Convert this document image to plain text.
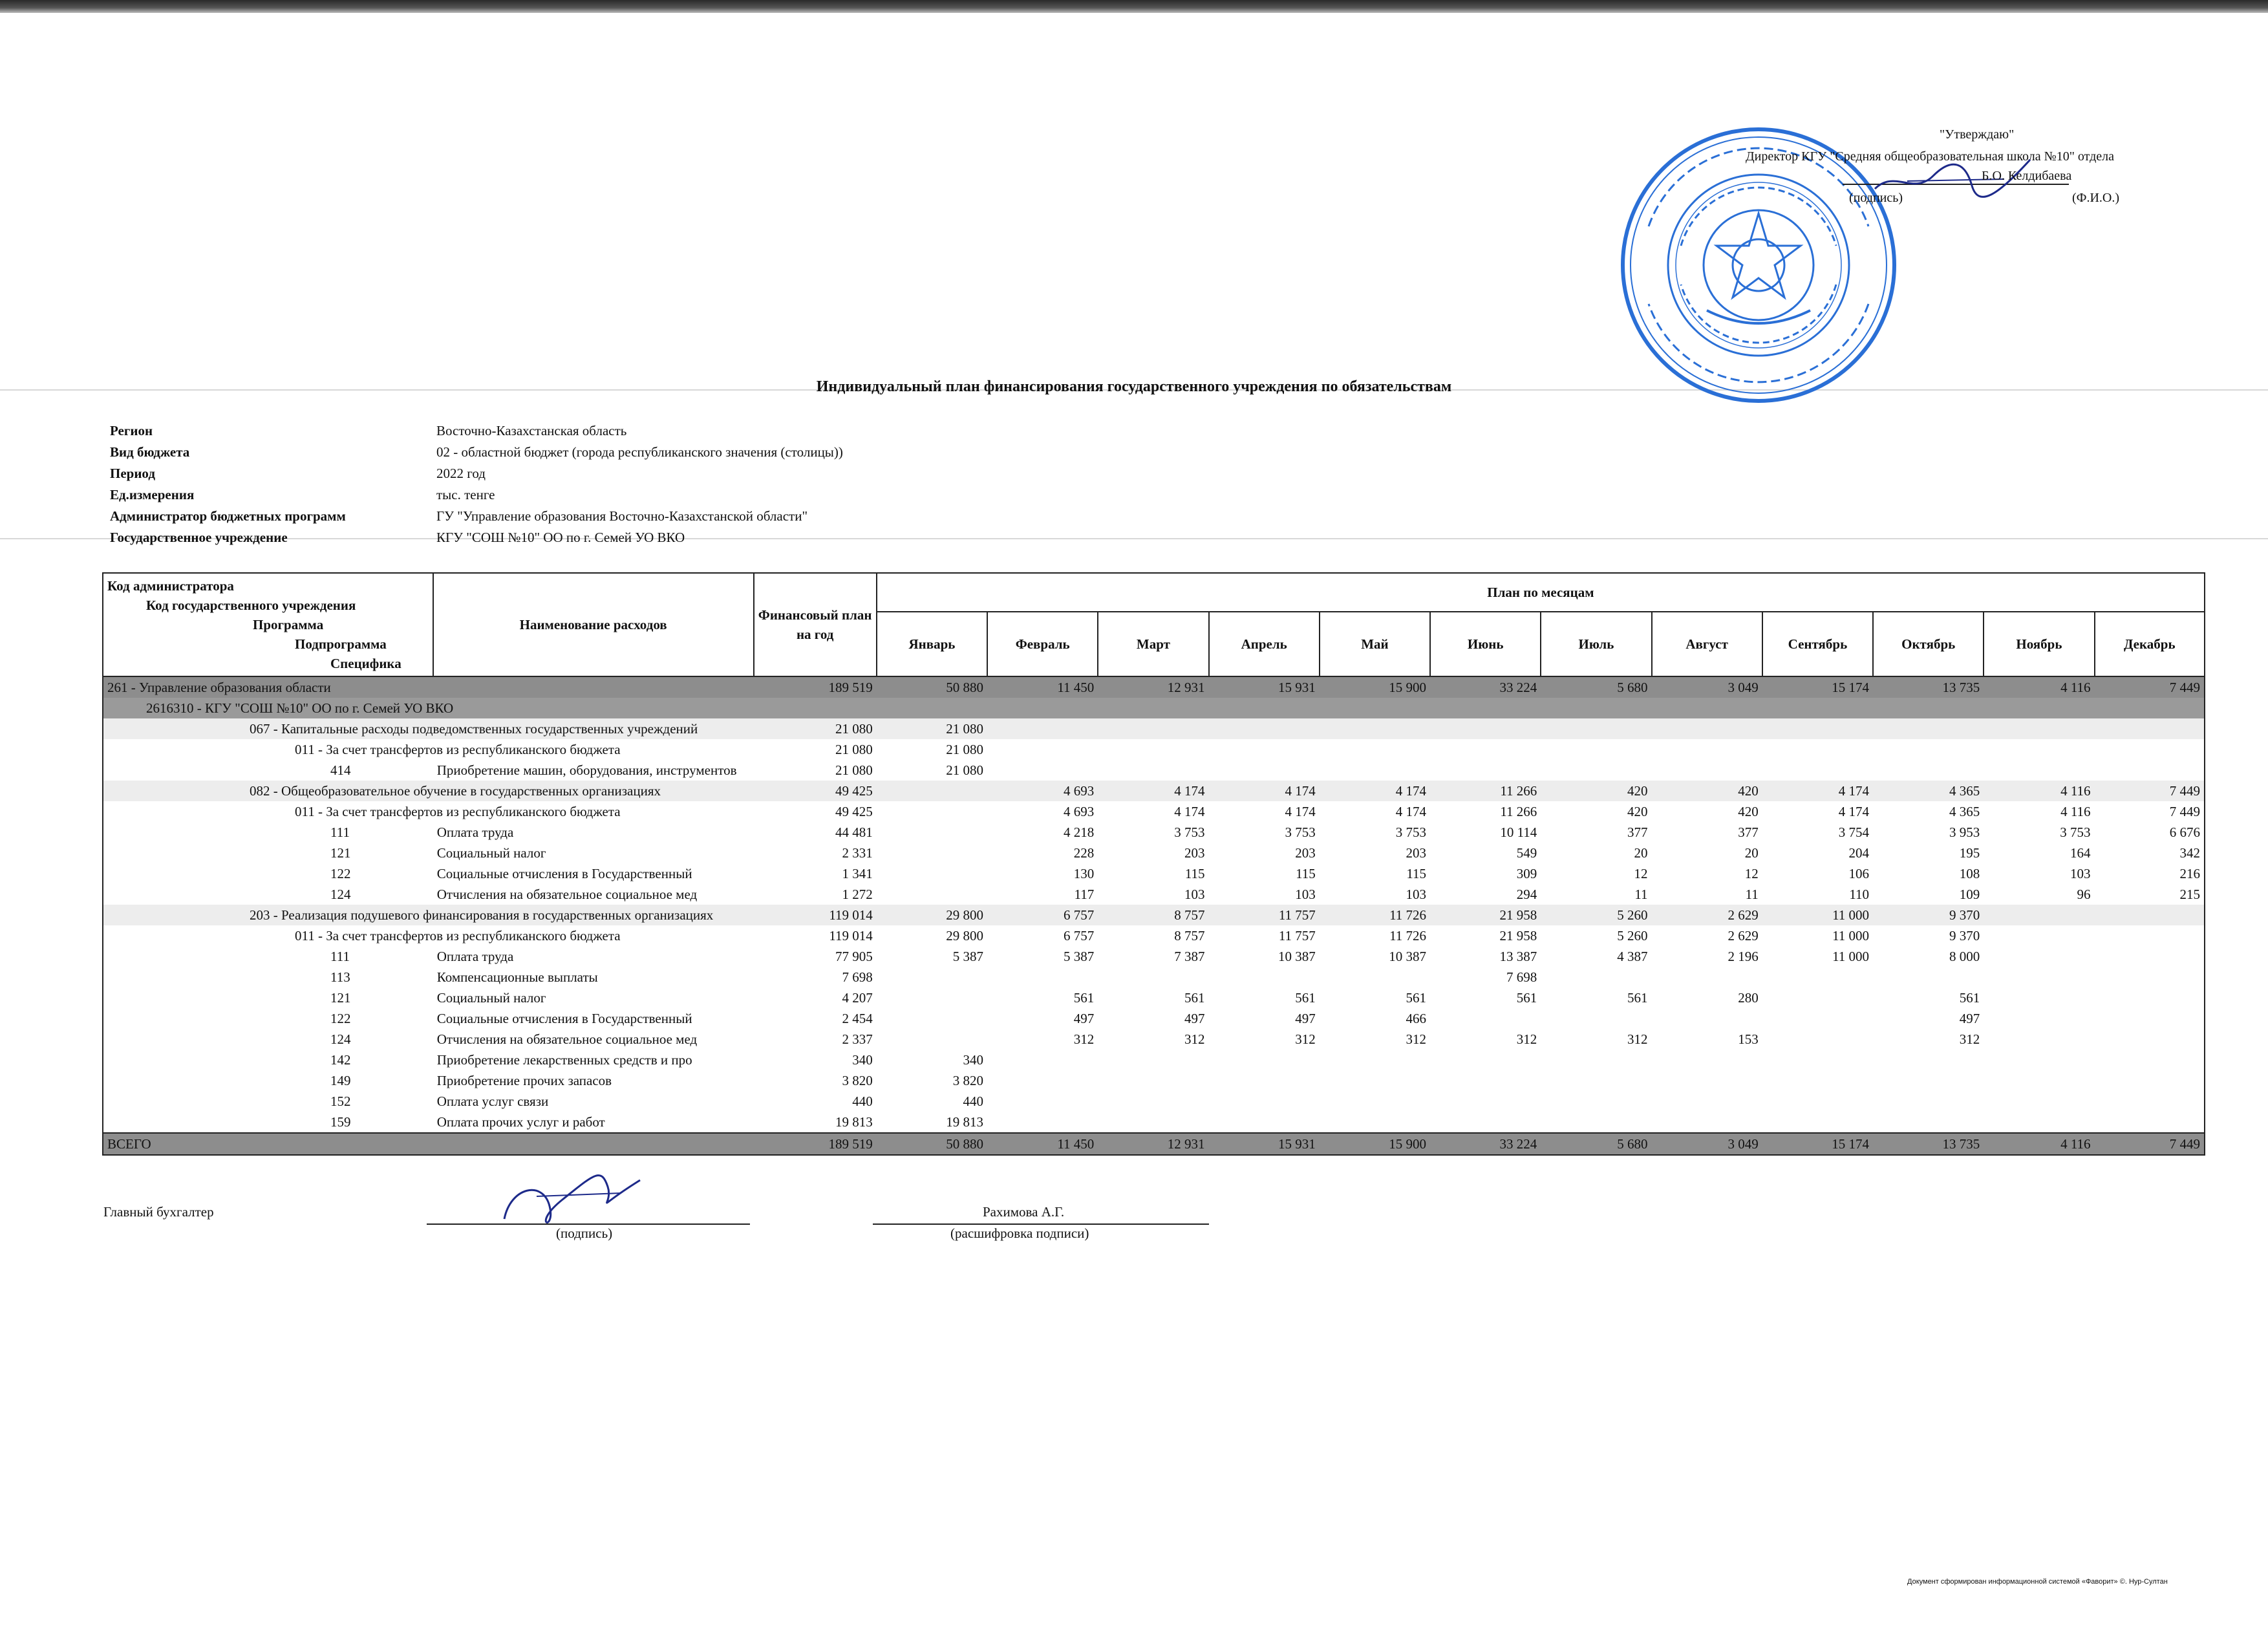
"Утверждаю"
Директор КГУ "Средняя общеобразовательная школа №10" отдела
Б.О. Келдибаева
(подпись)	(Ф.И.О.)
Индивидуальный план финансирования государственного учреждения по обязательствам
Регион	Восточно-Казахстанская область
Вид бюджета	02 - областной бюджет (города республиканского значения (столицы))
Период	2022 год
Ед.измерения	тыс. тенге
Администратор бюджетных программ	ГУ "Управление образования Восточно-Казахстанской области"
Государственное учреждение	КГУ "СОШ №10" ОО по г. Семей УО ВКО
Код администратора
Код государственного учреждения
Программа
Подпрограмма
Специфика	Наименование расходов	Финансовый план на год	План по месяцам											
			Январь	Февраль	Март	Апрель	Май	Июнь	Июль	Август	Сентябрь	Октябрь	Ноябрь	Декабрь
261 - Управление образования области		189 519	50 880	11 450	12 931	15 931	15 900	33 224	5 680	3 049	15 174	13 735	4 116	7 449
2616310 - КГУ "СОШ №10" ОО по г. Семей УО ВКО														
067 - Капитальные расходы подведомственных государственных учреждений		21 080	21 080											
011 - За счет трансфертов из республиканского бюджета		21 080	21 080											
414	Приобретение машин, оборудования, инструментов	21 080	21 080											
082 - Общеобразовательное обучение в государственных организациях		49 425		4 693	4 174	4 174	4 174	11 266	420	420	4 174	4 365	4 116	7 449
011 - За счет трансфертов из республиканского бюджета		49 425		4 693	4 174	4 174	4 174	11 266	420	420	4 174	4 365	4 116	7 449
111	Оплата труда	44 481		4 218	3 753	3 753	3 753	10 114	377	377	3 754	3 953	3 753	6 676
121	Социальный налог	2 331		228	203	203	203	549	20	20	204	195	164	342
122	Социальные отчисления в Государственный	1 341		130	115	115	115	309	12	12	106	108	103	216
124	Отчисления на обязательное социальное мед	1 272		117	103	103	103	294	11	11	110	109	96	215
203 - Реализация подушевого финансирования в государственных организациях		119 014	29 800	6 757	8 757	11 757	11 726	21 958	5 260	2 629	11 000	9 370		
011 - За счет трансфертов из республиканского бюджета		119 014	29 800	6 757	8 757	11 757	11 726	21 958	5 260	2 629	11 000	9 370		
111	Оплата труда	77 905	5 387	5 387	7 387	10 387	10 387	13 387	4 387	2 196	11 000	8 000		
113	Компенсационные выплаты	7 698						7 698						
121	Социальный налог	4 207		561	561	561	561	561	561	280		561		
122	Социальные отчисления в Государственный	2 454		497	497	497	466					497		
124	Отчисления на обязательное социальное мед	2 337		312	312	312	312	312	312	153		312		
142	Приобретение лекарственных средств и про	340	340											
149	Приобретение прочих запасов	3 820	3 820											
152	Оплата услуг связи	440	440											
159	Оплата прочих услуг и работ	19 813	19 813											
ВСЕГО		189 519	50 880	11 450	12 931	15 931	15 900	33 224	5 680	3 049	15 174	13 735	4 116	7 449
Главный бухгалтер
(подпись)
Рахимова А.Г.
(расшифровка подписи)
Документ сформирован информационной системой «Фаворит» ©. Нур-Султан
